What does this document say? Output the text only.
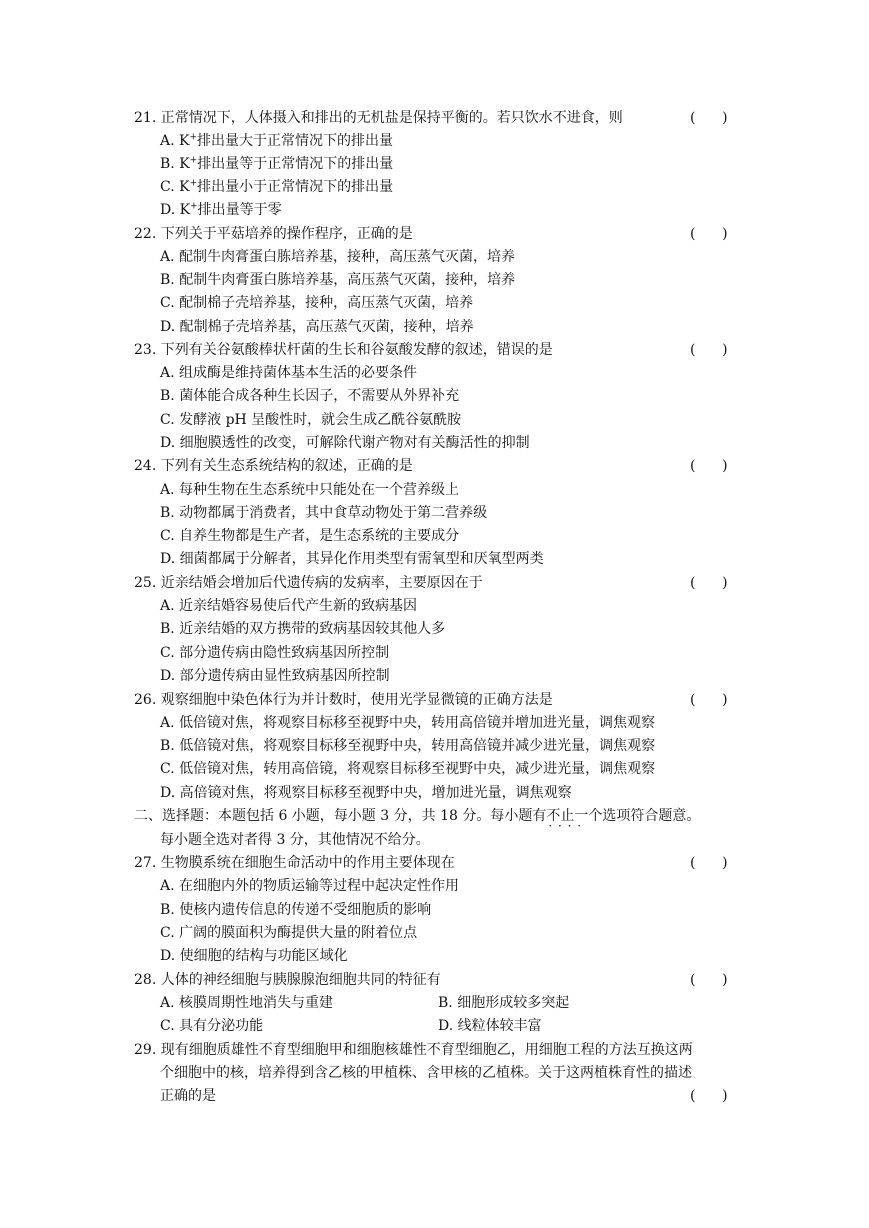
21. 正常情况下，人体摄入和排出的无机盐是保持平衡的。若只饮水不进食，则	(      )
A. K+排出量大于正常情况下的排出量
B. K+排出量等于正常情况下的排出量
C. K+排出量小于正常情况下的排出量
D. K+排出量等于零
22. 下列关于平菇培养的操作程序，正确的是	(      )
A. 配制牛肉膏蛋白胨培养基，接种，高压蒸气灭菌，培养
B. 配制牛肉膏蛋白胨培养基，高压蒸气灭菌，接种，培养
C. 配制棉子壳培养基，接种，高压蒸气灭菌，培养
D. 配制棉子壳培养基，高压蒸气灭菌，接种，培养
23. 下列有关谷氨酸棒状杆菌的生长和谷氨酸发酵的叙述，错误的是	(      )
A. 组成酶是维持菌体基本生活的必要条件
B. 菌体能合成各种生长因子，不需要从外界补充
C. 发酵液 pH 呈酸性时，就会生成乙酰谷氨酰胺
D. 细胞膜透性的改变，可解除代谢产物对有关酶活性的抑制
24. 下列有关生态系统结构的叙述，正确的是	(      )
A. 每种生物在生态系统中只能处在一个营养级上
B. 动物都属于消费者，其中食草动物处于第二营养级
C. 自养生物都是生产者，是生态系统的主要成分
D. 细菌都属于分解者，其异化作用类型有需氧型和厌氧型两类
25. 近亲结婚会增加后代遗传病的发病率，主要原因在于	(      )
A. 近亲结婚容易使后代产生新的致病基因
B. 近亲结婚的双方携带的致病基因较其他人多
C. 部分遗传病由隐性致病基因所控制
D. 部分遗传病由显性致病基因所控制
26. 观察细胞中染色体行为并计数时，使用光学显微镜的正确方法是	(      )
A. 低倍镜对焦，将观察目标移至视野中央，转用高倍镜并增加进光量，调焦观察
B. 低倍镜对焦，将观察目标移至视野中央，转用高倍镜并减少进光量，调焦观察
C. 低倍镜对焦，转用高倍镜，将观察目标移至视野中央，减少进光量，调焦观察
D. 高倍镜对焦，将观察目标移至视野中央，增加进光量，调焦观察
二、选择题：本题包括 6 小题，每小题 3 分，共 18 分。每小题有不止一个 · · 选项符合题意。
每小题全选对者得 3 分，其他情况不给分。
27. 生物膜系统在细胞生命活动中的作用主要体现在	(      )
A. 在细胞内外的物质运输等过程中起决定性作用
B. 使核内遗传信息的传递不受细胞质的影响
C. 广阔的膜面积为酶提供大量的附着位点
D. 使细胞的结构与功能区域化
28. 人体的神经细胞与胰腺腺泡细胞共同的特征有	(      )
A. 核膜周期性地消失与重建	B. 细胞形成较多突起
C. 具有分泌功能	D. 线粒体较丰富
29. 现有细胞质雄性不育型细胞甲和细胞核雄性不育型细胞乙，用细胞工程的方法互换这两
个细胞中的核，培养得到含乙核的甲植株、含甲核的乙植株。关于这两植株育性的描述
正确的是	(      )
